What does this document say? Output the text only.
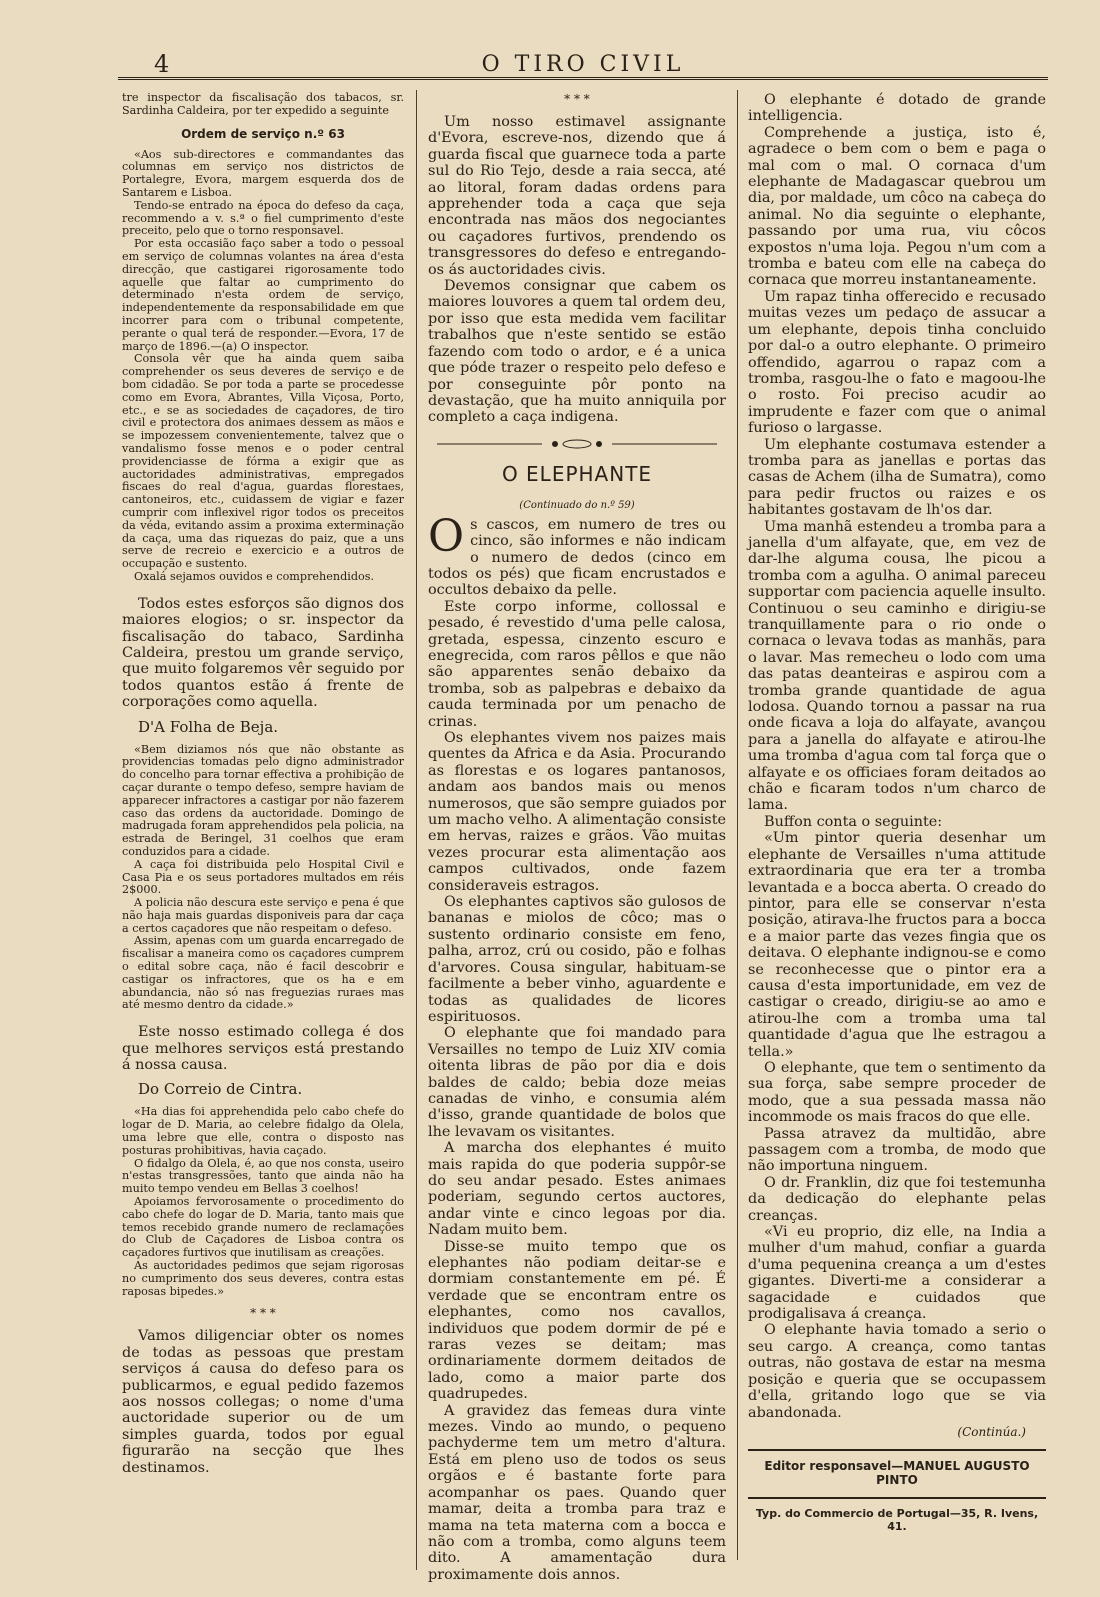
4	O TIRO CIVIL

tre inspector da fiscalisação dos tabacos, sr. Sardinha Caldeira, por ter expedido a seguinte

Ordem de serviço n.º 63

«Aos sub-directores e commandantes das columnas em serviço nos districtos de Portalegre, Evora, margem esquerda dos de Santarem e Lisboa.

Tendo-se entrado na época do defeso da caça, recommendo a v. s.ª o fiel cumprimento d'este preceito, pelo que o torno responsavel.

Por esta occasião faço saber a todo o pessoal em serviço de columnas volantes na área d'esta direcção, que castigarei rigorosamente todo aquelle que faltar ao cumprimento do determinado n'esta ordem de serviço, independentemente da responsabilidade em que incorrer para com o tribunal competente, perante o qual terá de responder.—Evora, 17 de março de 1896.—(a) O inspector.

Consola vêr que ha ainda quem saiba comprehender os seus deveres de serviço e de bom cidadão. Se por toda a parte se procedesse como em Evora, Abrantes, Villa Viçosa, Porto, etc., e se as sociedades de caçadores, de tiro civil e protectora dos animaes dessem as mãos e se impozessem convenientemente, talvez que o vandalismo fosse menos e o poder central providenciasse de fórma a exigir que as auctoridades administrativas, empregados fiscaes do real d'agua, guardas florestaes, cantoneiros, etc., cuidassem de vigiar e fazer cumprir com inflexivel rigor todos os preceitos da véda, evitando assim a proxima exterminação da caça, uma das riquezas do paiz, que a uns serve de recreio e exercicio e a outros de occupação e sustento.

Oxalá sejamos ouvidos e comprehendidos.

Todos estes esforços são dignos dos maiores elogios; o sr. inspector da fiscalisação do tabaco, Sardinha Caldeira, prestou um grande serviço, que muito folgaremos vêr seguido por todos quantos estão á frente de corporações como aquella.

D'A Folha de Beja.

«Bem diziamos nós que não obstante as providencias tomadas pelo digno administrador do concelho para tornar effectiva a prohibição de caçar durante o tempo defeso, sempre haviam de apparecer infractores a castigar por não fazerem caso das ordens da auctoridade. Domingo de madrugada foram apprehendidos pela policia, na estrada de Beringel, 31 coelhos que eram conduzidos para a cidade.

A caça foi distribuida pelo Hospital Civil e Casa Pia e os seus portadores multados em réis 2$000.

A policia não descura este serviço e pena é que não haja mais guardas disponiveis para dar caça a certos caçadores que não respeitam o defeso.

Assim, apenas com um guarda encarregado de fiscalisar a maneira como os caçadores cumprem o edital sobre caça, não é facil descobrir e castigar os infractores, que os ha e em abundancia, não só nas freguezias ruraes mas até mesmo dentro da cidade.»

Este nosso estimado collega é dos que melhores serviços está prestando á nossa causa.

Do Correio de Cintra.

«Ha dias foi apprehendida pelo cabo chefe do logar de D. Maria, ao celebre fidalgo da Olela, uma lebre que elle, contra o disposto nas posturas prohibitivas, havia caçado.

O fidalgo da Olela, é, ao que nos consta, useiro n'estas transgressões, tanto que ainda não ha muito tempo vendeu em Bellas 3 coelhos!

Apoiamos fervorosamente o procedimento do cabo chefe do logar de D. Maria, tanto mais que temos recebido grande numero de reclamações do Club de Caçadores de Lisboa contra os caçadores furtivos que inutilisam as creações.

As auctoridades pedimos que sejam rigorosas no cumprimento dos seus deveres, contra estas raposas bipedes.»

* * *

Vamos diligenciar obter os nomes de todas as pessoas que prestam serviços á causa do defeso para os publicarmos, e egual pedido fazemos aos nossos collegas; o nome d'uma auctoridade superior ou de um simples guarda, todos por egual figurarão na secção que lhes destinamos.

* * *

Um nosso estimavel assignante d'Evora, escreve-nos, dizendo que á guarda fiscal que guarnece toda a parte sul do Rio Tejo, desde a raia secca, até ao litoral, foram dadas ordens para apprehender toda a caça que seja encontrada nas mãos dos negociantes ou caçadores furtivos, prendendo os transgressores do defeso e entregando-os ás auctoridades civis.

Devemos consignar que cabem os maiores louvores a quem tal ordem deu, por isso que esta medida vem facilitar trabalhos que n'este sentido se estão fazendo com todo o ardor, e é a unica que póde trazer o respeito pelo defeso e por conseguinte pôr ponto na devastação, que ha muito anniquila por completo a caça indigena.

O ELEPHANTE
(Continuado do n.º 59)

Os cascos, em numero de tres ou cinco, são informes e não indicam o numero de dedos (cinco em todos os pés) que ficam encrustados e occultos debaixo da pelle.

Este corpo informe, collossal e pesado, é revestido d'uma pelle calosa, gretada, espessa, cinzento escuro e enegrecida, com raros pêllos e que não são apparentes senão debaixo da tromba, sob as palpebras e debaixo da cauda terminada por um penacho de crinas.

Os elephantes vivem nos paizes mais quentes da Africa e da Asia. Procurando as florestas e os logares pantanosos, andam aos bandos mais ou menos numerosos, que são sempre guiados por um macho velho. A alimentação consiste em hervas, raizes e grãos. Vão muitas vezes procurar esta alimentação aos campos cultivados, onde fazem consideraveis estragos.

Os elephantes captivos são gulosos de bananas e miolos de côco; mas o sustento ordinario consiste em feno, palha, arroz, crú ou cosido, pão e folhas d'arvores. Cousa singular, habituam-se facilmente a beber vinho, aguardente e todas as qualidades de licores espirituosos.

O elephante que foi mandado para Versailles no tempo de Luiz XIV comia oitenta libras de pão por dia e dois baldes de caldo; bebia doze meias canadas de vinho, e consumia além d'isso, grande quantidade de bolos que lhe levavam os visitantes.

A marcha dos elephantes é muito mais rapida do que poderia suppôr-se do seu andar pesado. Estes animaes poderiam, segundo certos auctores, andar vinte e cinco legoas por dia. Nadam muito bem.

Disse-se muito tempo que os elephantes não podiam deitar-se e dormiam constantemente em pé. É verdade que se encontram entre os elephantes, como nos cavallos, individuos que podem dormir de pé e raras vezes se deitam; mas ordinariamente dormem deitados de lado, como a maior parte dos quadrupedes.

A gravidez das femeas dura vinte mezes. Vindo ao mundo, o pequeno pachyderme tem um metro d'altura. Está em pleno uso de todos os seus orgãos e é bastante forte para acompanhar os paes. Quando quer mamar, deita a tromba para traz e mama na teta materna com a bocca e não com a tromba, como alguns teem dito. A amamentação dura proximamente dois annos.

O elephante é dotado de grande intelligencia.

Comprehende a justiça, isto é, agradece o bem com o bem e paga o mal com o mal. O cornaca d'um elephante de Madagascar quebrou um dia, por maldade, um côco na cabeça do animal. No dia seguinte o elephante, passando por uma rua, viu côcos expostos n'uma loja. Pegou n'um com a tromba e bateu com elle na cabeça do cornaca que morreu instantaneamente.

Um rapaz tinha offerecido e recusado muitas vezes um pedaço de assucar a um elephante, depois tinha concluido por dal-o a outro elephante. O primeiro offendido, agarrou o rapaz com a tromba, rasgou-lhe o fato e magoou-lhe o rosto. Foi preciso acudir ao imprudente e fazer com que o animal furioso o largasse.

Um elephante costumava estender a tromba para as janellas e portas das casas de Achem (ilha de Sumatra), como para pedir fructos ou raizes e os habitantes gostavam de lh'os dar.

Uma manhã estendeu a tromba para a janella d'um alfayate, que, em vez de dar-lhe alguma cousa, lhe picou a tromba com a agulha. O animal pareceu supportar com paciencia aquelle insulto. Continuou o seu caminho e dirigiu-se tranquillamente para o rio onde o cornaca o levava todas as manhãs, para o lavar. Mas remecheu o lodo com uma das patas deanteiras e aspirou com a tromba grande quantidade de agua lodosa. Quando tornou a passar na rua onde ficava a loja do alfayate, avançou para a janella do alfayate e atirou-lhe uma tromba d'agua com tal força que o alfayate e os officiaes foram deitados ao chão e ficaram todos n'um charco de lama.

Buffon conta o seguinte:

«Um pintor queria desenhar um elephante de Versailles n'uma attitude extraordinaria que era ter a tromba levantada e a bocca aberta. O creado do pintor, para elle se conservar n'esta posição, atirava-lhe fructos para a bocca e a maior parte das vezes fingia que os deitava. O elephante indignou-se e como se reconhecesse que o pintor era a causa d'esta importunidade, em vez de castigar o creado, dirigiu-se ao amo e atirou-lhe com a tromba uma tal quantidade d'agua que lhe estragou a tella.»

O elephante, que tem o sentimento da sua força, sabe sempre proceder de modo, que a sua pessada massa não incommode os mais fracos do que elle.

Passa atravez da multidão, abre passagem com a tromba, de modo que não importuna ninguem.

O dr. Franklin, diz que foi testemunha da dedicação do elephante pelas creanças.

«Vi eu proprio, diz elle, na India a mulher d'um mahud, confiar a guarda d'uma pequenina creança a um d'estes gigantes. Diverti-me a considerar a sagacidade e cuidados que prodigalisava á creança.

O elephante havia tomado a serio o seu cargo. A creança, como tantas outras, não gostava de estar na mesma posição e queria que se occupassem d'ella, gritando logo que se via abandonada.

(Continúa.)
Editor responsavel—MANUEL AUGUSTO PINTO
Typ. do Commercio de Portugal—35, R. Ivens, 41.
